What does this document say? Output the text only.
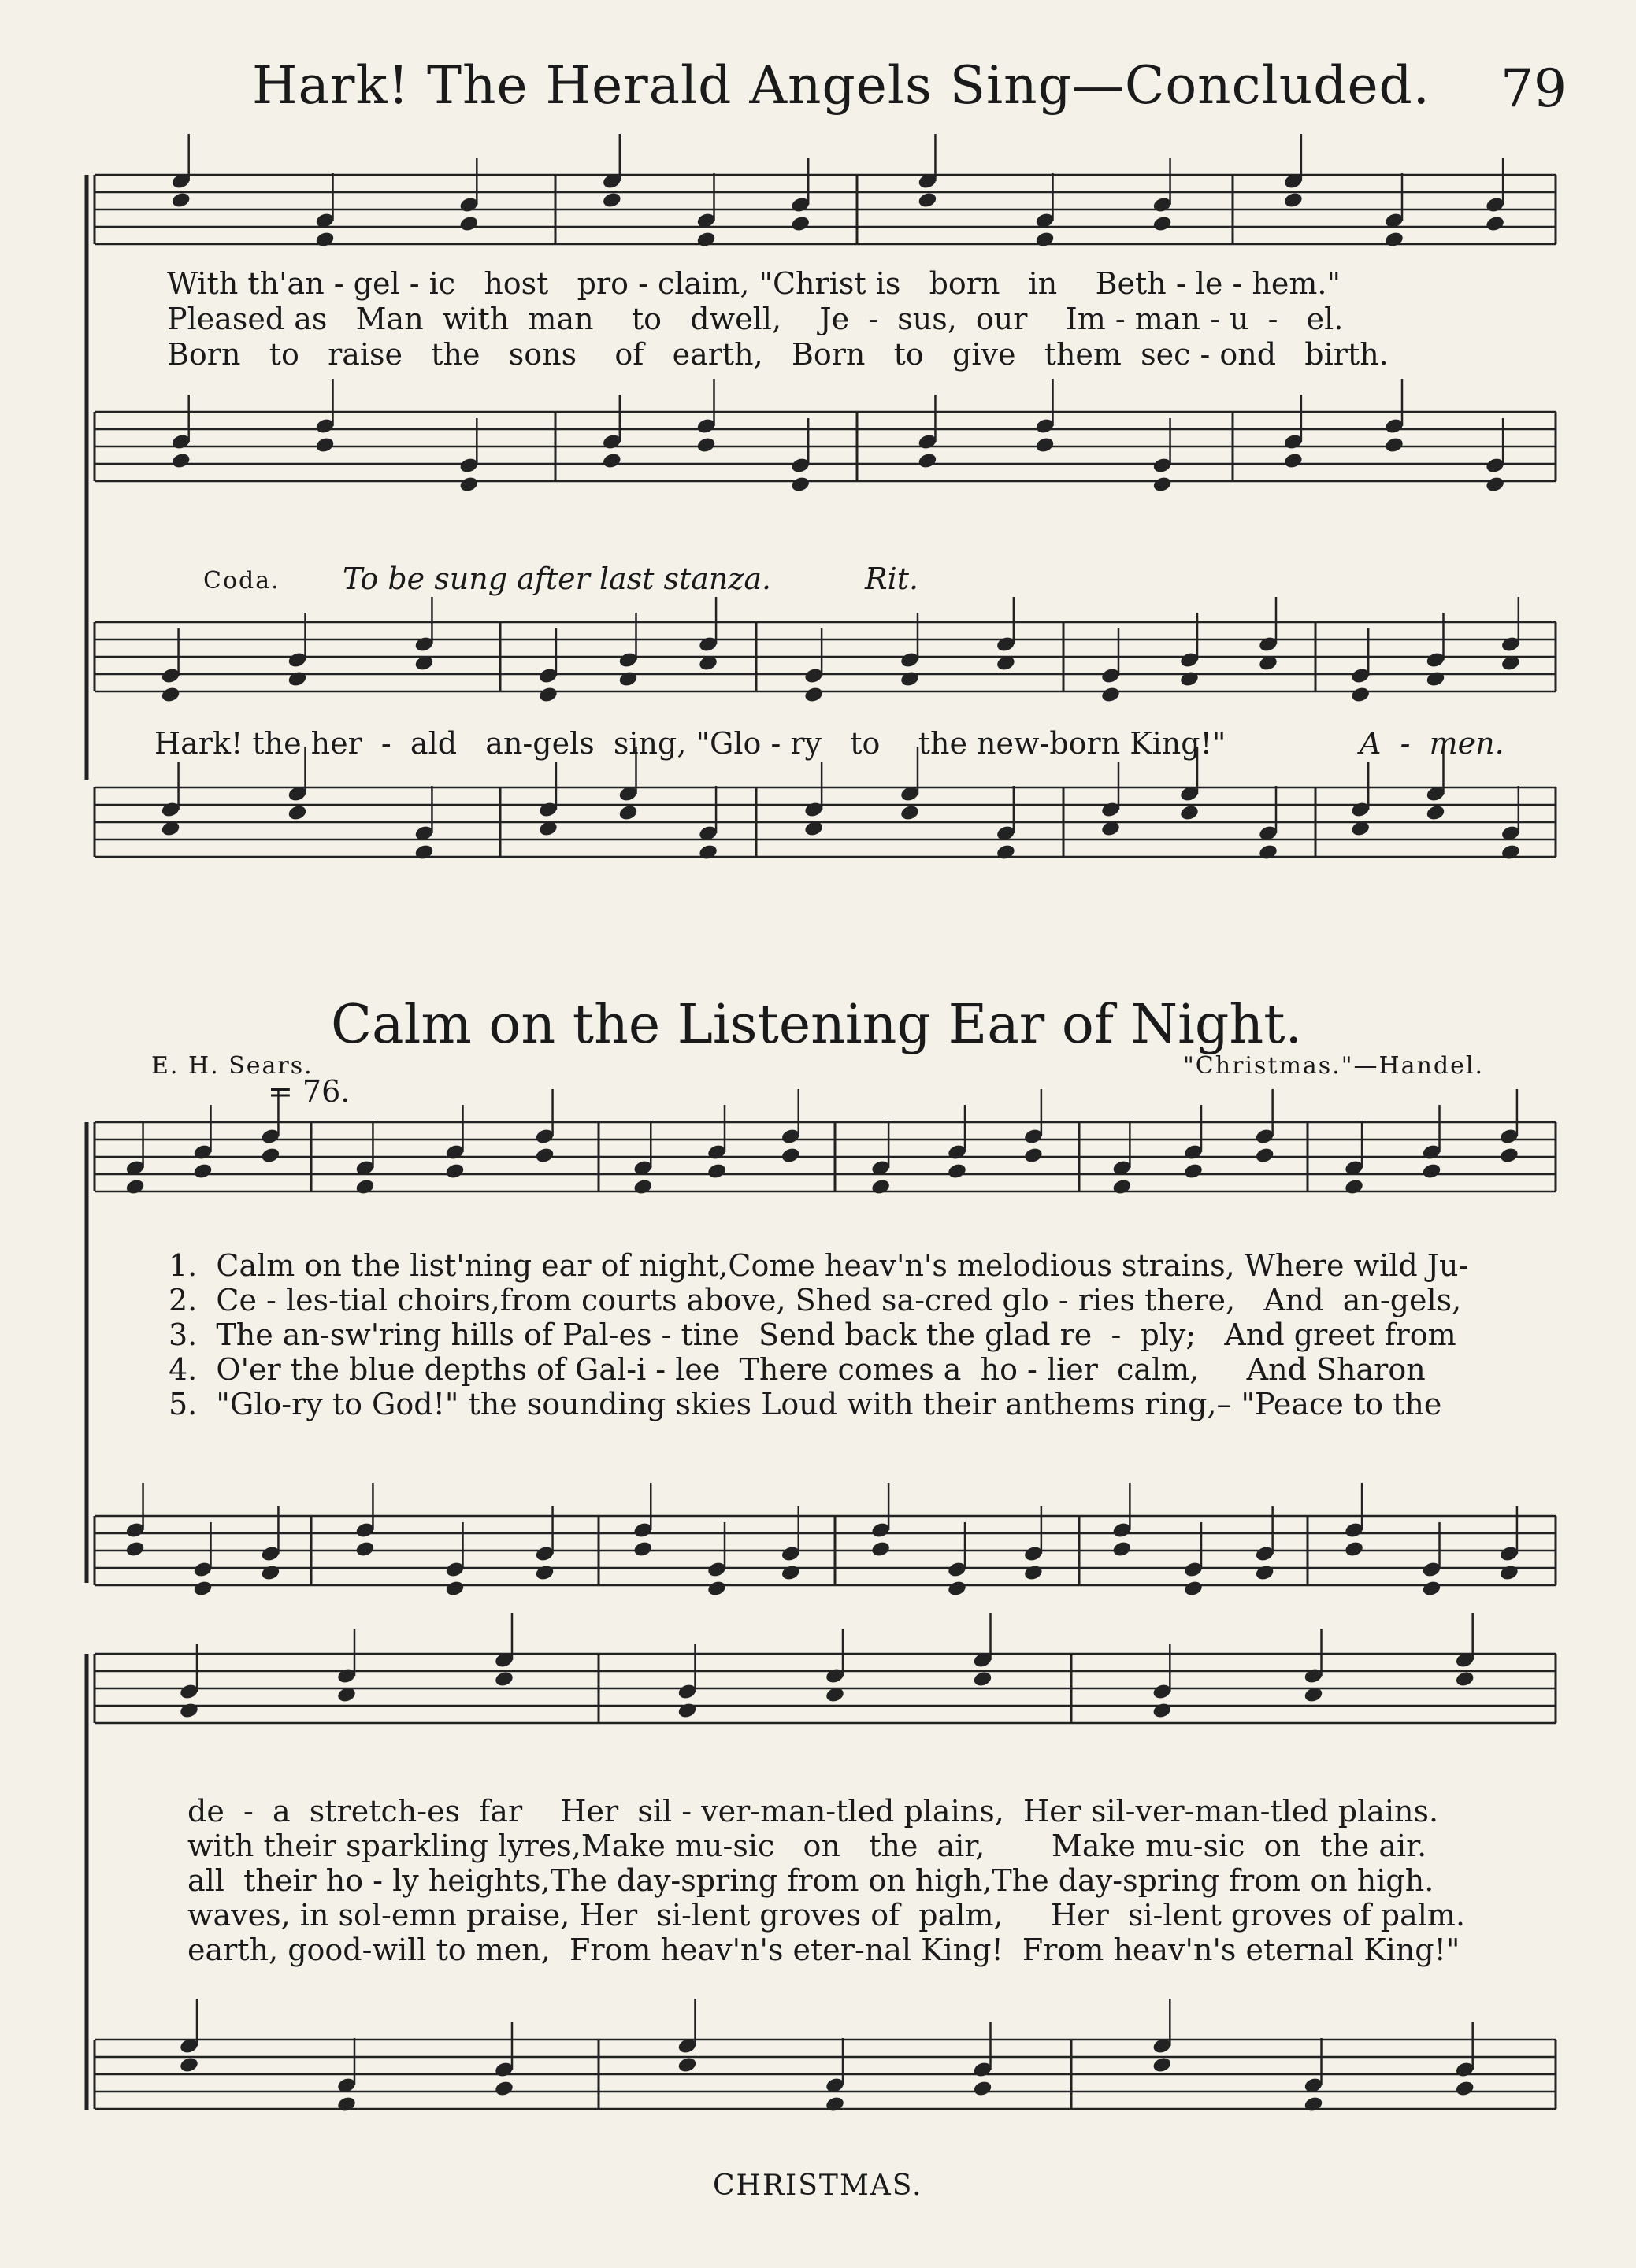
Hark! The Herald Angels Sing—Concluded. 79
With th'an - gel - ic   host   pro - claim, "Christ is   born   in    Beth - le - hem."
Pleased as   Man  with  man    to   dwell,    Je  -  sus,  our    Im - man - u  -   el.
Born   to   raise   the   sons    of   earth,   Born   to   give   them  sec - ond   birth.
Coda. To be sung after last stanza.	Rit.
Hark! the her  -  ald   an-gels  sing, "Glo - ry   to    the new-born King!"	A  -  men.
Calm on the Listening Ear of Night.
E. H. Sears.	"Christmas."—Handel.
= 76.
1.  Calm on the list'ning ear of night,Come heav'n's melodious strains, Where wild Ju-
2.  Ce - les-tial choirs,from courts above, Shed sa-cred glo - ries there,   And  an-gels,
3.  The an-sw'ring hills of Pal-es - tine  Send back the glad re  -  ply;   And greet from
4.  O'er the blue depths of Gal-i - lee  There comes a  ho - lier  calm,     And Sharon
5.  "Glo-ry to God!" the sounding skies Loud with their anthems ring,– "Peace to the
de  -  a  stretch-es  far    Her  sil - ver-man-tled plains,  Her sil-ver-man-tled plains.
with their sparkling lyres,Make mu-sic   on   the  air,       Make mu-sic  on  the air.
all  their ho - ly heights,The day-spring from on high,The day-spring from on high.
waves, in sol-emn praise, Her  si-lent groves of  palm,     Her  si-lent groves of palm.
earth, good-will to men,  From heav'n's eter-nal King!  From heav'n's eternal King!"
CHRISTMAS.
